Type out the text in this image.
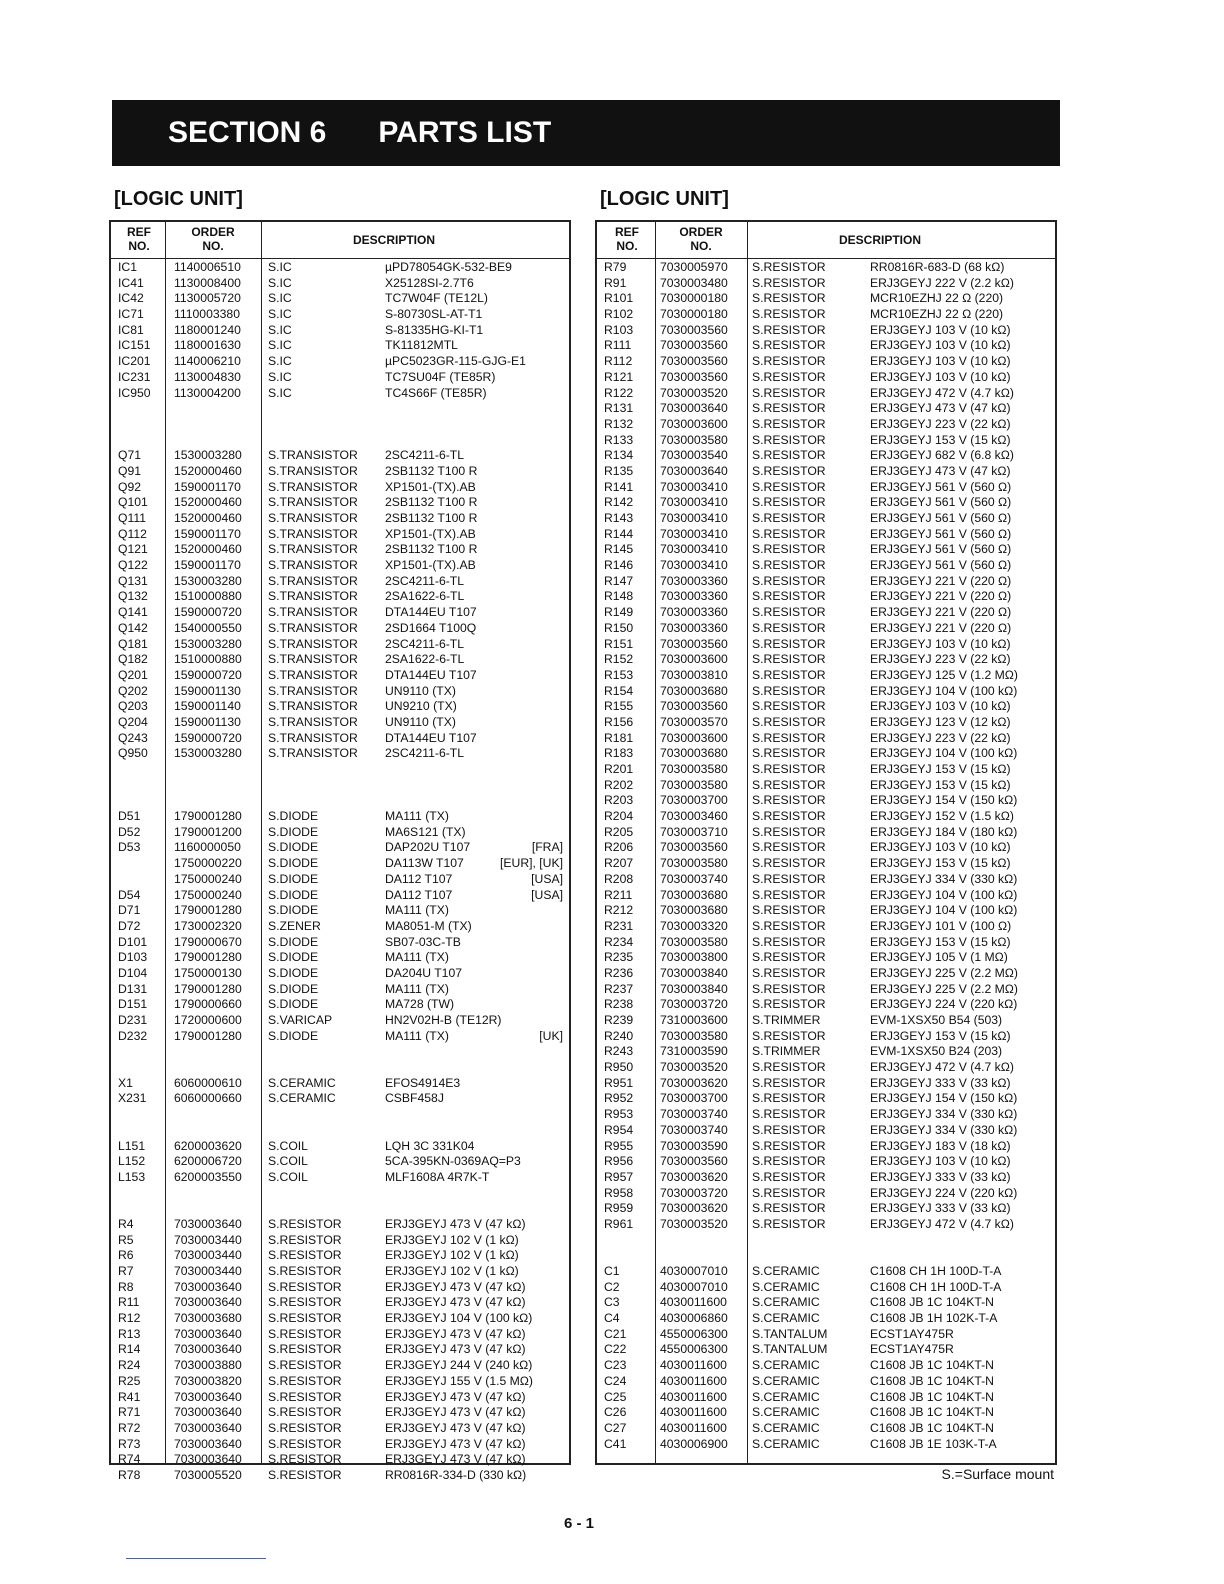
SECTION 6 PARTS LIST
[LOGIC UNIT]	[LOGIC UNIT]
REF
NO.
ORDER
NO.	DESCRIPTION
IC1	1140006510 S.IC	µPD78054GK-532-BE9
IC41 1130008400 S.IC	X25128SI-2.7T6
IC42 1130005720 S.IC	TC7W04F (TE12L)
IC71 1110003380 S.IC	S-80730SL-AT-T1
IC81 1180001240 S.IC	S-81335HG-KI-T1
IC151 1180001630 S.IC	TK11812MTL
IC201 1140006210 S.IC	µPC5023GR-115-GJG-E1
IC231 1130004830 S.IC	TC7SU04F (TE85R)
IC950 1130004200 S.IC	TC4S66F (TE85R)
Q71	1530003280 S.TRANSISTOR 2SC4211-6-TL
Q91	1520000460 S.TRANSISTOR 2SB1132 T100 R
Q92	1590001170 S.TRANSISTOR XP1501-(TX).AB
Q101 1520000460 S.TRANSISTOR 2SB1132 T100 R
Q111 1520000460 S.TRANSISTOR 2SB1132 T100 R
Q112 1590001170 S.TRANSISTOR XP1501-(TX).AB
Q121 1520000460 S.TRANSISTOR 2SB1132 T100 R
Q122 1590001170 S.TRANSISTOR XP1501-(TX).AB
Q131 1530003280 S.TRANSISTOR 2SC4211-6-TL
Q132 1510000880 S.TRANSISTOR 2SA1622-6-TL
Q141 1590000720 S.TRANSISTOR DTA144EU T107
Q142 1540000550 S.TRANSISTOR 2SD1664 T100Q
Q181 1530003280 S.TRANSISTOR 2SC4211-6-TL
Q182 1510000880 S.TRANSISTOR 2SA1622-6-TL
Q201 1590000720 S.TRANSISTOR DTA144EU T107
Q202 1590001130 S.TRANSISTOR UN9110 (TX)
Q203 1590001140 S.TRANSISTOR UN9210 (TX)
Q204 1590001130 S.TRANSISTOR UN9110 (TX)
Q243 1590000720 S.TRANSISTOR DTA144EU T107
Q950 1530003280 S.TRANSISTOR 2SC4211-6-TL
D51	1790001280 S.DIODE	MA111 (TX)
D52	1790001200 S.DIODE	MA6S121 (TX)
D53	1160000050 S.DIODE	DAP202U T107	[FRA]
1750000220 S.DIODE	DA113W T107	[EUR], [UK]
1750000240 S.DIODE	DA112 T107	[USA]
D54	1750000240 S.DIODE	DA112 T107	[USA]
D71	1790001280 S.DIODE	MA111 (TX)
D72	1730002320 S.ZENER	MA8051-M (TX)
D101 1790000670 S.DIODE	SB07-03C-TB
D103 1790001280 S.DIODE	MA111 (TX)
D104 1750000130 S.DIODE	DA204U T107
D131 1790001280 S.DIODE	MA111 (TX)
D151 1790000660 S.DIODE	MA728 (TW)
D231 1720000600 S.VARICAP	HN2V02H-B (TE12R)
D232 1790001280 S.DIODE	MA111 (TX)	[UK]
X1	6060000610 S.CERAMIC	EFOS4914E3
X231 6060000660 S.CERAMIC	CSBF458J
L151 6200003620 S.COIL	LQH 3C 331K04
L152 6200006720 S.COIL	5CA-395KN-0369AQ=P3
L153 6200003550 S.COIL	MLF1608A 4R7K-T
R4	7030003640 S.RESISTOR	ERJ3GEYJ 473 V (47 kΩ)
R5	7030003440 S.RESISTOR	ERJ3GEYJ 102 V (1 kΩ)
R6	7030003440 S.RESISTOR	ERJ3GEYJ 102 V (1 kΩ)
R7	7030003440 S.RESISTOR	ERJ3GEYJ 102 V (1 kΩ)
R8	7030003640 S.RESISTOR	ERJ3GEYJ 473 V (47 kΩ)
R11	7030003640 S.RESISTOR	ERJ3GEYJ 473 V (47 kΩ)
R12	7030003680 S.RESISTOR	ERJ3GEYJ 104 V (100 kΩ)
R13	7030003640 S.RESISTOR	ERJ3GEYJ 473 V (47 kΩ)
R14	7030003640 S.RESISTOR	ERJ3GEYJ 473 V (47 kΩ)
R24	7030003880 S.RESISTOR	ERJ3GEYJ 244 V (240 kΩ)
R25	7030003820 S.RESISTOR	ERJ3GEYJ 155 V (1.5 MΩ)
R41	7030003640 S.RESISTOR	ERJ3GEYJ 473 V (47 kΩ)
R71	7030003640 S.RESISTOR	ERJ3GEYJ 473 V (47 kΩ)
R72	7030003640 S.RESISTOR	ERJ3GEYJ 473 V (47 kΩ)
R73	7030003640 S.RESISTOR	ERJ3GEYJ 473 V (47 kΩ)
R74	7030003640 S.RESISTOR	ERJ3GEYJ 473 V (47 kΩ)
R78	7030005520 S.RESISTOR	RR0816R-334-D (330 kΩ)
REF
NO.
ORDER
NO.	DESCRIPTION
R79	7030005970 S.RESISTOR	RR0816R-683-D (68 kΩ)
R91	7030003480 S.RESISTOR	ERJ3GEYJ 222 V (2.2 kΩ)
R101 7030000180 S.RESISTOR	MCR10EZHJ 22 Ω (220)
R102 7030000180 S.RESISTOR	MCR10EZHJ 22 Ω (220)
R103 7030003560 S.RESISTOR	ERJ3GEYJ 103 V (10 kΩ)
R111 7030003560 S.RESISTOR	ERJ3GEYJ 103 V (10 kΩ)
R112 7030003560 S.RESISTOR	ERJ3GEYJ 103 V (10 kΩ)
R121 7030003560 S.RESISTOR	ERJ3GEYJ 103 V (10 kΩ)
R122 7030003520 S.RESISTOR	ERJ3GEYJ 472 V (4.7 kΩ)
R131 7030003640 S.RESISTOR	ERJ3GEYJ 473 V (47 kΩ)
R132 7030003600 S.RESISTOR	ERJ3GEYJ 223 V (22 kΩ)
R133 7030003580 S.RESISTOR	ERJ3GEYJ 153 V (15 kΩ)
R134 7030003540 S.RESISTOR	ERJ3GEYJ 682 V (6.8 kΩ)
R135 7030003640 S.RESISTOR	ERJ3GEYJ 473 V (47 kΩ)
R141 7030003410 S.RESISTOR	ERJ3GEYJ 561 V (560 Ω)
R142 7030003410 S.RESISTOR	ERJ3GEYJ 561 V (560 Ω)
R143 7030003410 S.RESISTOR	ERJ3GEYJ 561 V (560 Ω)
R144 7030003410 S.RESISTOR	ERJ3GEYJ 561 V (560 Ω)
R145 7030003410 S.RESISTOR	ERJ3GEYJ 561 V (560 Ω)
R146 7030003410 S.RESISTOR	ERJ3GEYJ 561 V (560 Ω)
R147 7030003360 S.RESISTOR	ERJ3GEYJ 221 V (220 Ω)
R148 7030003360 S.RESISTOR	ERJ3GEYJ 221 V (220 Ω)
R149 7030003360 S.RESISTOR	ERJ3GEYJ 221 V (220 Ω)
R150 7030003360 S.RESISTOR	ERJ3GEYJ 221 V (220 Ω)
R151 7030003560 S.RESISTOR	ERJ3GEYJ 103 V (10 kΩ)
R152 7030003600 S.RESISTOR	ERJ3GEYJ 223 V (22 kΩ)
R153 7030003810 S.RESISTOR	ERJ3GEYJ 125 V (1.2 MΩ)
R154 7030003680 S.RESISTOR	ERJ3GEYJ 104 V (100 kΩ)
R155 7030003560 S.RESISTOR	ERJ3GEYJ 103 V (10 kΩ)
R156 7030003570 S.RESISTOR	ERJ3GEYJ 123 V (12 kΩ)
R181 7030003600 S.RESISTOR	ERJ3GEYJ 223 V (22 kΩ)
R183 7030003680 S.RESISTOR	ERJ3GEYJ 104 V (100 kΩ)
R201 7030003580 S.RESISTOR	ERJ3GEYJ 153 V (15 kΩ)
R202 7030003580 S.RESISTOR	ERJ3GEYJ 153 V (15 kΩ)
R203 7030003700 S.RESISTOR	ERJ3GEYJ 154 V (150 kΩ)
R204 7030003460 S.RESISTOR	ERJ3GEYJ 152 V (1.5 kΩ)
R205 7030003710 S.RESISTOR	ERJ3GEYJ 184 V (180 kΩ)
R206 7030003560 S.RESISTOR	ERJ3GEYJ 103 V (10 kΩ)
R207 7030003580 S.RESISTOR	ERJ3GEYJ 153 V (15 kΩ)
R208 7030003740 S.RESISTOR	ERJ3GEYJ 334 V (330 kΩ)
R211 7030003680 S.RESISTOR	ERJ3GEYJ 104 V (100 kΩ)
R212 7030003680 S.RESISTOR	ERJ3GEYJ 104 V (100 kΩ)
R231 7030003320 S.RESISTOR	ERJ3GEYJ 101 V (100 Ω)
R234 7030003580 S.RESISTOR	ERJ3GEYJ 153 V (15 kΩ)
R235 7030003800 S.RESISTOR	ERJ3GEYJ 105 V (1 MΩ)
R236 7030003840 S.RESISTOR	ERJ3GEYJ 225 V (2.2 MΩ)
R237 7030003840 S.RESISTOR	ERJ3GEYJ 225 V (2.2 MΩ)
R238 7030003720 S.RESISTOR	ERJ3GEYJ 224 V (220 kΩ)
R239 7310003600 S.TRIMMER	EVM-1XSX50 B54 (503)
R240 7030003580 S.RESISTOR	ERJ3GEYJ 153 V (15 kΩ)
R243 7310003590 S.TRIMMER	EVM-1XSX50 B24 (203)
R950 7030003520 S.RESISTOR	ERJ3GEYJ 472 V (4.7 kΩ)
R951 7030003620 S.RESISTOR	ERJ3GEYJ 333 V (33 kΩ)
R952 7030003700 S.RESISTOR	ERJ3GEYJ 154 V (150 kΩ)
R953 7030003740 S.RESISTOR	ERJ3GEYJ 334 V (330 kΩ)
R954 7030003740 S.RESISTOR	ERJ3GEYJ 334 V (330 kΩ)
R955 7030003590 S.RESISTOR	ERJ3GEYJ 183 V (18 kΩ)
R956 7030003560 S.RESISTOR	ERJ3GEYJ 103 V (10 kΩ)
R957 7030003620 S.RESISTOR	ERJ3GEYJ 333 V (33 kΩ)
R958 7030003720 S.RESISTOR	ERJ3GEYJ 224 V (220 kΩ)
R959 7030003620 S.RESISTOR	ERJ3GEYJ 333 V (33 kΩ)
R961 7030003520 S.RESISTOR	ERJ3GEYJ 472 V (4.7 kΩ)
C1	4030007010 S.CERAMIC	C1608 CH 1H 100D-T-A
C2	4030007010 S.CERAMIC	C1608 CH 1H 100D-T-A
C3	4030011600 S.CERAMIC	C1608 JB 1C 104KT-N
C4	4030006860 S.CERAMIC	C1608 JB 1H 102K-T-A
C21	4550006300 S.TANTALUM	ECST1AY475R
C22	4550006300 S.TANTALUM	ECST1AY475R
C23	4030011600 S.CERAMIC	C1608 JB 1C 104KT-N
C24	4030011600 S.CERAMIC	C1608 JB 1C 104KT-N
C25	4030011600 S.CERAMIC	C1608 JB 1C 104KT-N
C26	4030011600 S.CERAMIC	C1608 JB 1C 104KT-N
C27	4030011600 S.CERAMIC	C1608 JB 1C 104KT-N
C41	4030006900 S.CERAMIC	C1608 JB 1E 103K-T-A
S.=Surface mount
6 - 1
